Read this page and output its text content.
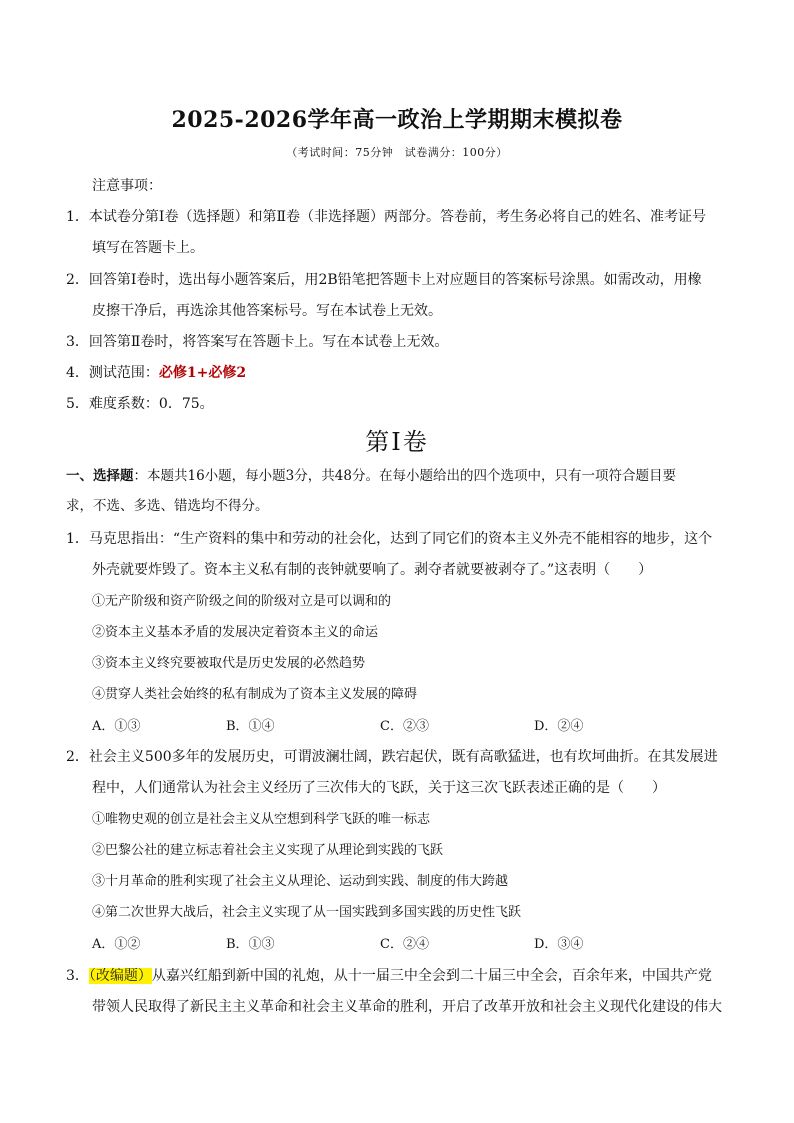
2025-2026学年高一政治上学期期末模拟卷
（考试时间：75分钟　试卷满分：100分）
注意事项：
1．本试卷分第Ⅰ卷（选择题）和第Ⅱ卷（非选择题）两部分。答卷前，考生务必将自己的姓名、准考证号
填写在答题卡上。
2．回答第Ⅰ卷时，选出每小题答案后，用2B铅笔把答题卡上对应题目的答案标号涂黑。如需改动，用橡
皮擦干净后，再选涂其他答案标号。写在本试卷上无效。
3．回答第Ⅱ卷时，将答案写在答题卡上。写在本试卷上无效。
4．测试范围：必修1+必修2
5．难度系数：0．75。
第Ⅰ卷
一、选择题：本题共16小题，每小题3分，共48分。在每小题给出的四个选项中，只有一项符合题目要
求，不选、多选、错选均不得分。
1．马克思指出：“生产资料的集中和劳动的社会化，达到了同它们的资本主义外壳不能相容的地步，这个
外壳就要炸毁了。资本主义私有制的丧钟就要响了。剥夺者就要被剥夺了。”这表明（　　）
①无产阶级和资产阶级之间的阶级对立是可以调和的
②资本主义基本矛盾的发展决定着资本主义的命运
③资本主义终究要被取代是历史发展的必然趋势
④贯穿人类社会始终的私有制成为了资本主义发展的障碍
A．①③	B．①④	C．②③	D．②④
2．社会主义500多年的发展历史，可谓波澜壮阔，跌宕起伏，既有高歌猛进，也有坎坷曲折。在其发展进
程中，人们通常认为社会主义经历了三次伟大的飞跃，关于这三次飞跃表述正确的是（　　）
①唯物史观的创立是社会主义从空想到科学飞跃的唯一标志
②巴黎公社的建立标志着社会主义实现了从理论到实践的飞跃
③十月革命的胜利实现了社会主义从理论、运动到实践、制度的伟大跨越
④第二次世界大战后，社会主义实现了从一国实践到多国实践的历史性飞跃
A．①②	B．①③	C．②④	D．③④
3．（改编题）从嘉兴红船到新中国的礼炮，从十一届三中全会到二十届三中全会，百余年来，中国共产党
带领人民取得了新民主主义革命和社会主义革命的胜利，开启了改革开放和社会主义现代化建设的伟大
